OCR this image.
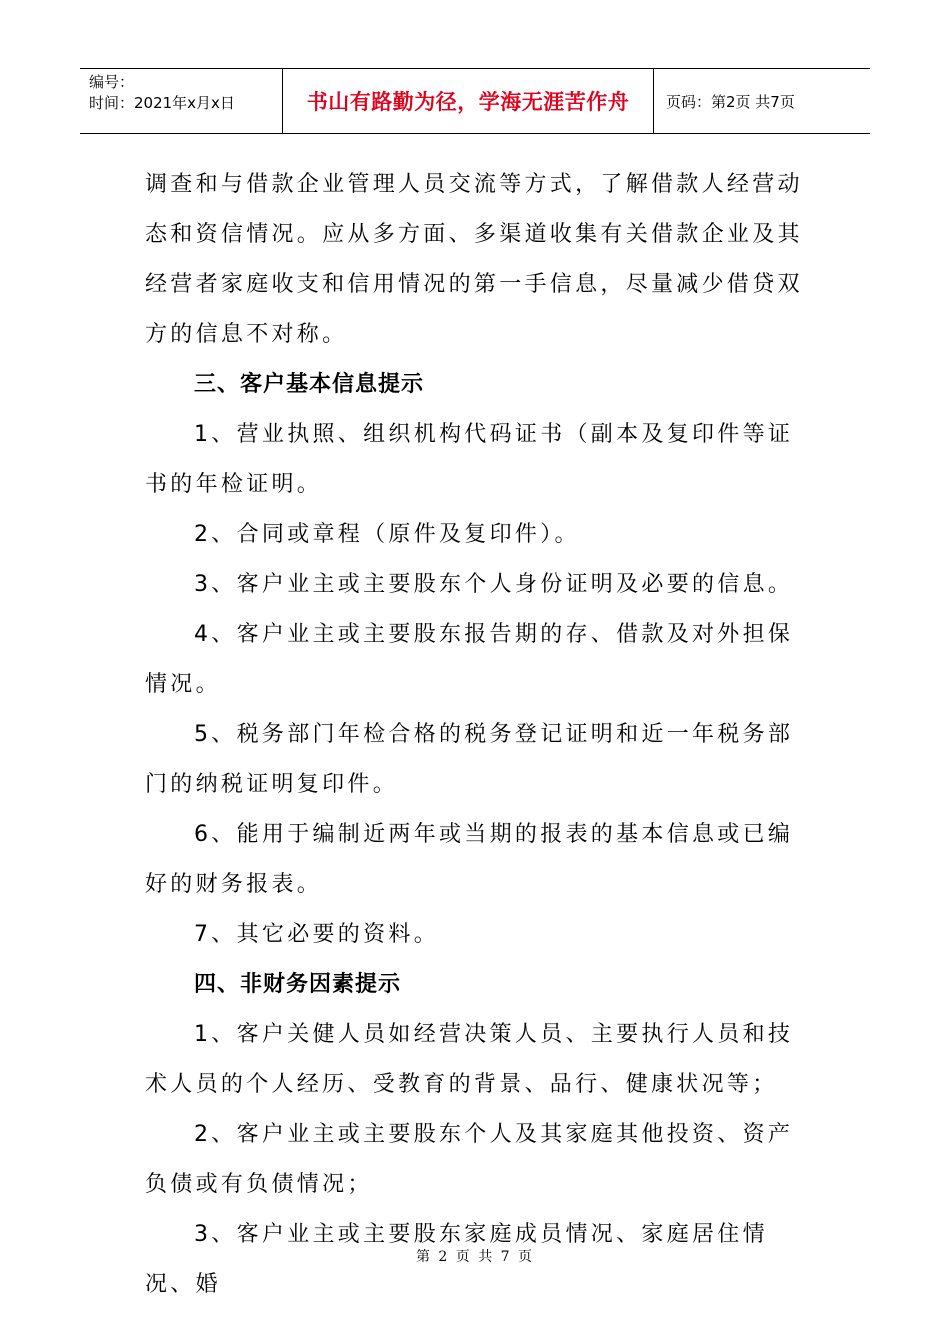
编号：
时间：2021年x月x日	书山有路勤为径，学海无涯苦作舟	页码：第2页 共7页

调查和与借款企业管理人员交流等方式，了解借款人经营动态和资信情况。应从多方面、多渠道收集有关借款企业及其经营者家庭收支和信用情况的第一手信息，尽量减少借贷双方的信息不对称。

三、客户基本信息提示

1、营业执照、组织机构代码证书（副本及复印件等证书的年检证明。

2、合同或章程（原件及复印件）。

3、客户业主或主要股东个人身份证明及必要的信息。

4、客户业主或主要股东报告期的存、借款及对外担保情况。

5、税务部门年检合格的税务登记证明和近一年税务部门的纳税证明复印件。

6、能用于编制近两年或当期的报表的基本信息或已编好的财务报表。

7、其它必要的资料。

四、非财务因素提示

1、客户关健人员如经营决策人员、主要执行人员和技术人员的个人经历、受教育的背景、品行、健康状况等；

2、客户业主或主要股东个人及其家庭其他投资、资产负债或有负债情况；

3、客户业主或主要股东家庭成员情况、家庭居住情况、婚

第 2 页 共 7 页
